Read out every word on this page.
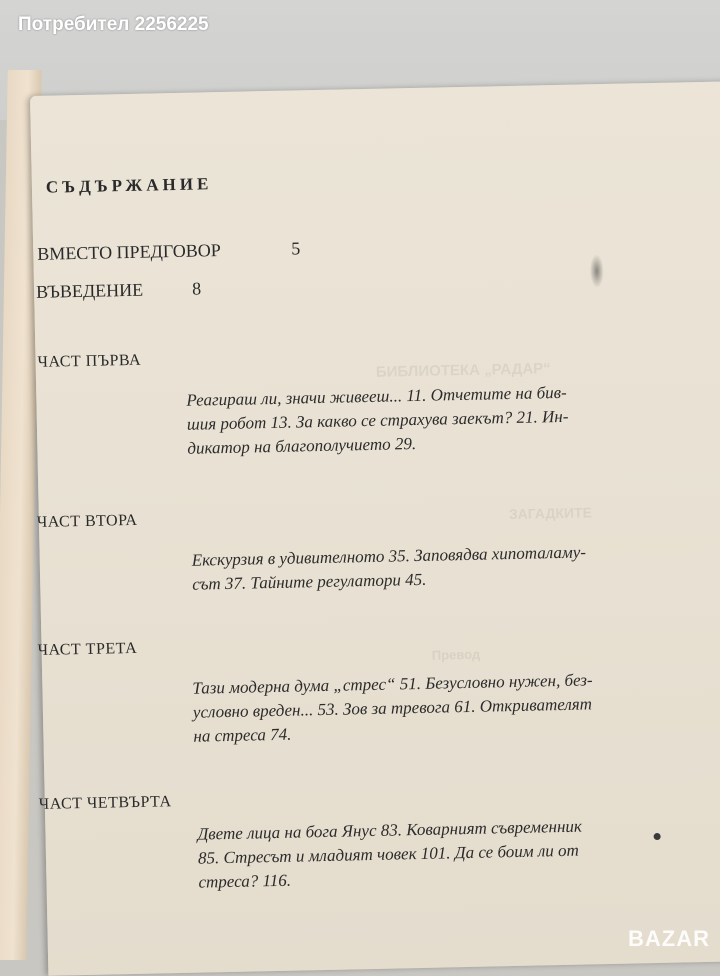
БИБЛИОТЕКА „РАДАР“
ЗАГАДКИТЕ
Превод
СЪДЪРЖАНИЕ
ВМЕСТО ПРЕДГОВОР	5
ВЪВЕДЕНИЕ	8
ЧАСТ ПЪРВА
Реагираш ли, значи живееш... 11. Отчетите на бив-
шия робот 13. За какво се страхува заекът? 21. Ин-
дикатор на благополучието 29.
ЧАСТ ВТОРА
Екскурзия в удивителното 35. Заповядва хипоталаму-
сът 37. Тайните регулатори 45.
ЧАСТ ТРЕТА
Тази модерна дума „стрес“ 51. Безусловно нужен, без-
условно вреден... 53. Зов за тревога 61. Откривателят
на стреса 74.
ЧАСТ ЧЕТВЪРТА
Двете лица на бога Янус 83. Коварният съвременник
85. Стресът и младият човек 101. Да се боим ли от
стреса? 116.
Потребител 2256225
BAZAR
